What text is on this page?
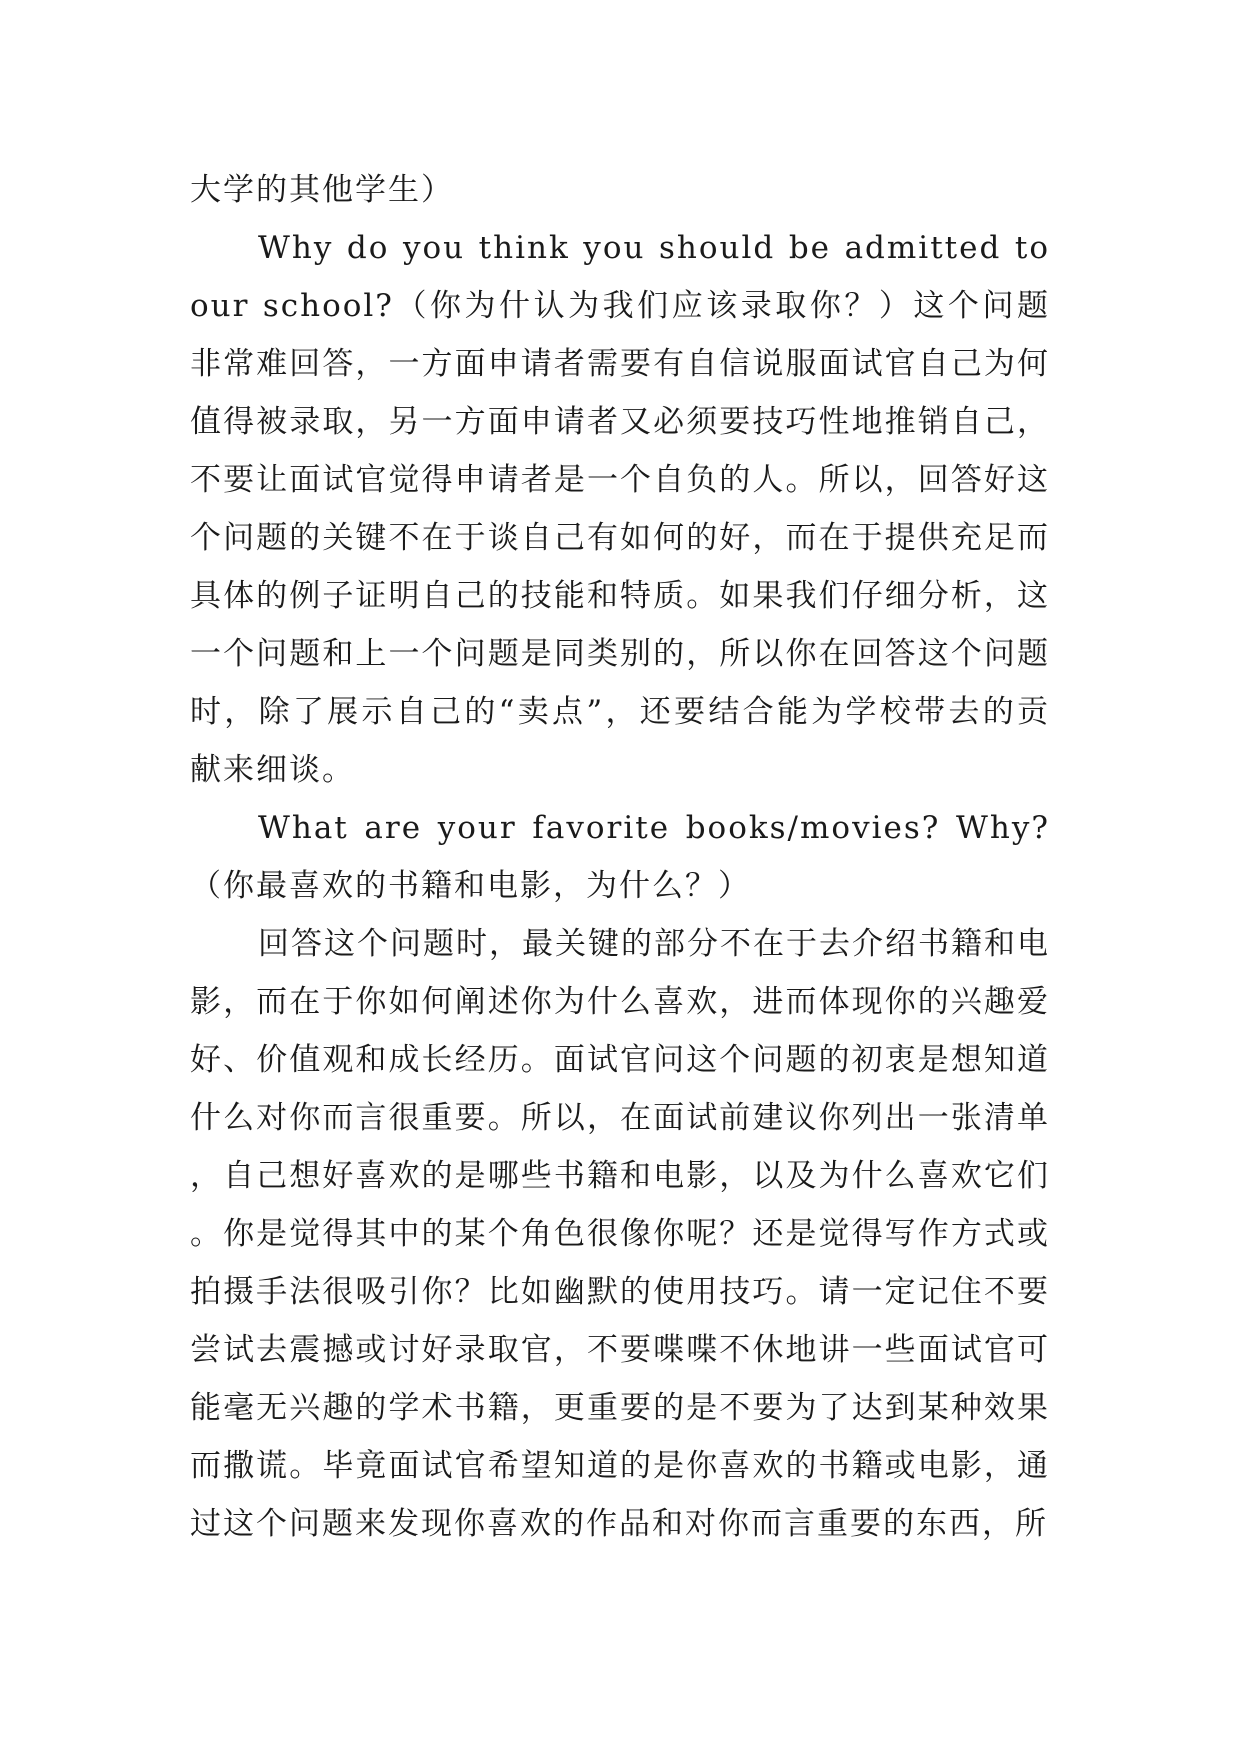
大学的其他学生）

Why do you think you should be admitted to our school?（你为什认为我们应该录取你？）这个问题非常难回答，一方面申请者需要有自信说服面试官自己为何值得被录取，另一方面申请者又必须要技巧性地推销自己，不要让面试官觉得申请者是一个自负的人。所以，回答好这个问题的关键不在于谈自己有如何的好，而在于提供充足而具体的例子证明自己的技能和特质。如果我们仔细分析，这一个问题和上一个问题是同类别的，所以你在回答这个问题时，除了展示自己的“卖点”，还要结合能为学校带去的贡献来细谈。

What are your favorite books/movies? Why?（你最喜欢的书籍和电影，为什么？）

回答这个问题时，最关键的部分不在于去介绍书籍和电影，而在于你如何阐述你为什么喜欢，进而体现你的兴趣爱好、价值观和成长经历。面试官问这个问题的初衷是想知道什么对你而言很重要。所以，在面试前建议你列出一张清单，自己想好喜欢的是哪些书籍和电影，以及为什么喜欢它们。你是觉得其中的某个角色很像你呢？还是觉得写作方式或拍摄手法很吸引你？比如幽默的使用技巧。请一定记住不要尝试去震撼或讨好录取官，不要喋喋不休地讲一些面试官可能毫无兴趣的学术书籍，更重要的是不要为了达到某种效果而撒谎。毕竟面试官希望知道的是你喜欢的书籍或电影，通过这个问题来发现你喜欢的作品和对你而言重要的东西，所
